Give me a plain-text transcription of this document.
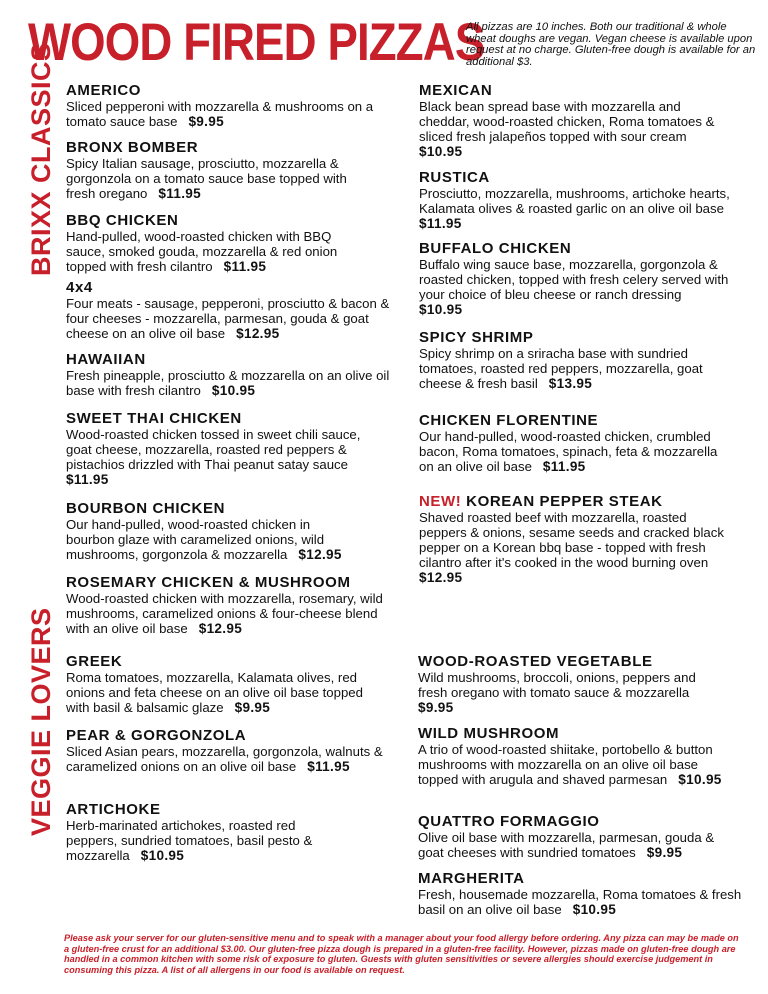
WOOD FIRED PIZZAS
All pizzas are 10 inches. Both our traditional & whole wheat doughs are vegan. Vegan cheese is available upon request at no charge. Gluten-free dough is available for an additional $3.
BRIXX CLASSICS
VEGGIE LOVERS
AMERICO
Sliced pepperoni with mozzarella & mushrooms on a tomato sauce base $9.95
BRONX BOMBER
Spicy Italian sausage, prosciutto, mozzarella & gorgonzola on a tomato sauce base topped with fresh oregano $11.95
BBQ CHICKEN
Hand-pulled, wood-roasted chicken with BBQ sauce, smoked gouda, mozzarella & red onion topped with fresh cilantro $11.95
4x4
Four meats - sausage, pepperoni, prosciutto & bacon & four cheeses - mozzarella, parmesan, gouda & goat cheese on an olive oil base $12.95
HAWAIIAN
Fresh pineapple, prosciutto & mozzarella on an olive oil base with fresh cilantro $10.95
SWEET THAI CHICKEN
Wood-roasted chicken tossed in sweet chili sauce, goat cheese, mozzarella, roasted red peppers & pistachios drizzled with Thai peanut satay sauce   $11.95
BOURBON CHICKEN
Our hand-pulled, wood-roasted chicken in bourbon glaze with caramelized onions, wild mushrooms, gorgonzola & mozzarella $12.95
ROSEMARY CHICKEN & MUSHROOM
Wood-roasted chicken with mozzarella, rosemary, wild mushrooms, caramelized onions & four-cheese blend with an olive oil base $12.95
MEXICAN
Black bean spread base with mozzarella and cheddar, wood-roasted chicken, Roma tomatoes & sliced fresh jalapeños topped with sour cream   $10.95
RUSTICA
Prosciutto, mozzarella, mushrooms, artichoke hearts, Kalamata olives & roasted garlic on an olive oil base   $11.95
BUFFALO CHICKEN
Buffalo wing sauce base, mozzarella, gorgonzola & roasted chicken, topped with fresh celery served with your choice of bleu cheese or ranch dressing   $10.95
SPICY SHRIMP
Spicy shrimp on a sriracha base with sundried tomatoes, roasted red peppers, mozzarella, goat cheese & fresh basil $13.95
CHICKEN FLORENTINE
Our hand-pulled, wood-roasted chicken, crumbled bacon, Roma tomatoes, spinach, feta & mozzarella on an olive oil base $11.95
NEW! KOREAN PEPPER STEAK
Shaved roasted beef with mozzarella, roasted peppers & onions, sesame seeds and cracked black pepper on a Korean bbq base - topped with fresh cilantro after it's cooked in the wood burning oven   $12.95
GREEK
Roma tomatoes, mozzarella, Kalamata olives, red onions and feta cheese on an olive oil base topped with basil & balsamic glaze $9.95
PEAR & GORGONZOLA
Sliced Asian pears, mozzarella, gorgonzola, walnuts & caramelized onions on an olive oil base $11.95
ARTICHOKE
Herb-marinated artichokes, roasted red peppers, sundried tomatoes, basil pesto & mozzarella $10.95
WOOD-ROASTED VEGETABLE
Wild mushrooms, broccoli, onions, peppers and fresh oregano with tomato sauce & mozzarella   $9.95
WILD MUSHROOM
A trio of wood-roasted shiitake, portobello & button mushrooms with mozzarella on an olive oil base topped with arugula and shaved parmesan $10.95
QUATTRO FORMAGGIO
Olive oil base with mozzarella, parmesan, gouda & goat cheeses with sundried tomatoes $9.95
MARGHERITA
Fresh, housemade mozzarella, Roma tomatoes & fresh basil on an olive oil base $10.95
Please ask your server for our gluten-sensitive menu and to speak with a manager about your food allergy before ordering. Any pizza can may be made on a gluten-free crust for an additional $3.00. Our gluten-free pizza dough is prepared in a gluten-free facility. However, pizzas made on gluten-free dough are handled in a common kitchen with some risk of exposure to gluten. Guests with gluten sensitivities or severe allergies should exercise judgement in consuming this pizza. A list of all allergens in our food is available on request.
